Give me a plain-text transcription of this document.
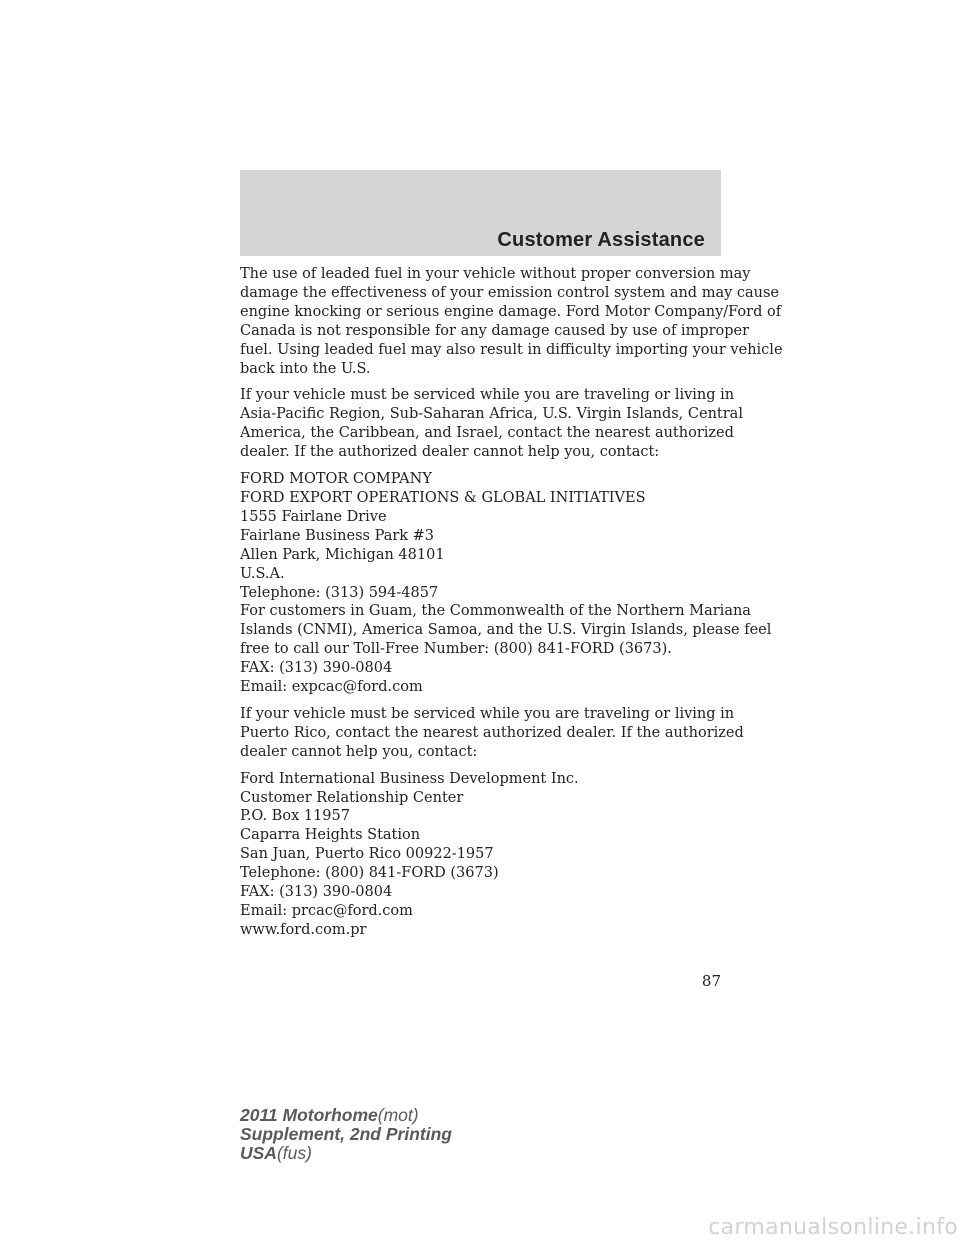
Customer Assistance

The use of leaded fuel in your vehicle without proper conversion may
damage the effectiveness of your emission control system and may cause
engine knocking or serious engine damage. Ford Motor Company/Ford of
Canada is not responsible for any damage caused by use of improper
fuel. Using leaded fuel may also result in difficulty importing your vehicle
back into the U.S.

If your vehicle must be serviced while you are traveling or living in
Asia-Pacific Region, Sub-Saharan Africa, U.S. Virgin Islands, Central
America, the Caribbean, and Israel, contact the nearest authorized
dealer. If the authorized dealer cannot help you, contact:

FORD MOTOR COMPANY
FORD EXPORT OPERATIONS & GLOBAL INITIATIVES
1555 Fairlane Drive
Fairlane Business Park #3
Allen Park, Michigan 48101
U.S.A.
Telephone: (313) 594-4857
For customers in Guam, the Commonwealth of the Northern Mariana
Islands (CNMI), America Samoa, and the U.S. Virgin Islands, please feel
free to call our Toll-Free Number: (800) 841-FORD (3673).
FAX: (313) 390-0804
Email: expcac@ford.com

If your vehicle must be serviced while you are traveling or living in
Puerto Rico, contact the nearest authorized dealer. If the authorized
dealer cannot help you, contact:

Ford International Business Development Inc.
Customer Relationship Center
P.O. Box 11957
Caparra Heights Station
San Juan, Puerto Rico 00922-1957
Telephone: (800) 841-FORD (3673)
FAX: (313) 390-0804
Email: prcac@ford.com
www.ford.com.pr

87
2011 Motorhome(mot)
Supplement, 2nd Printing
USA(fus)
carmanualsonline.info
